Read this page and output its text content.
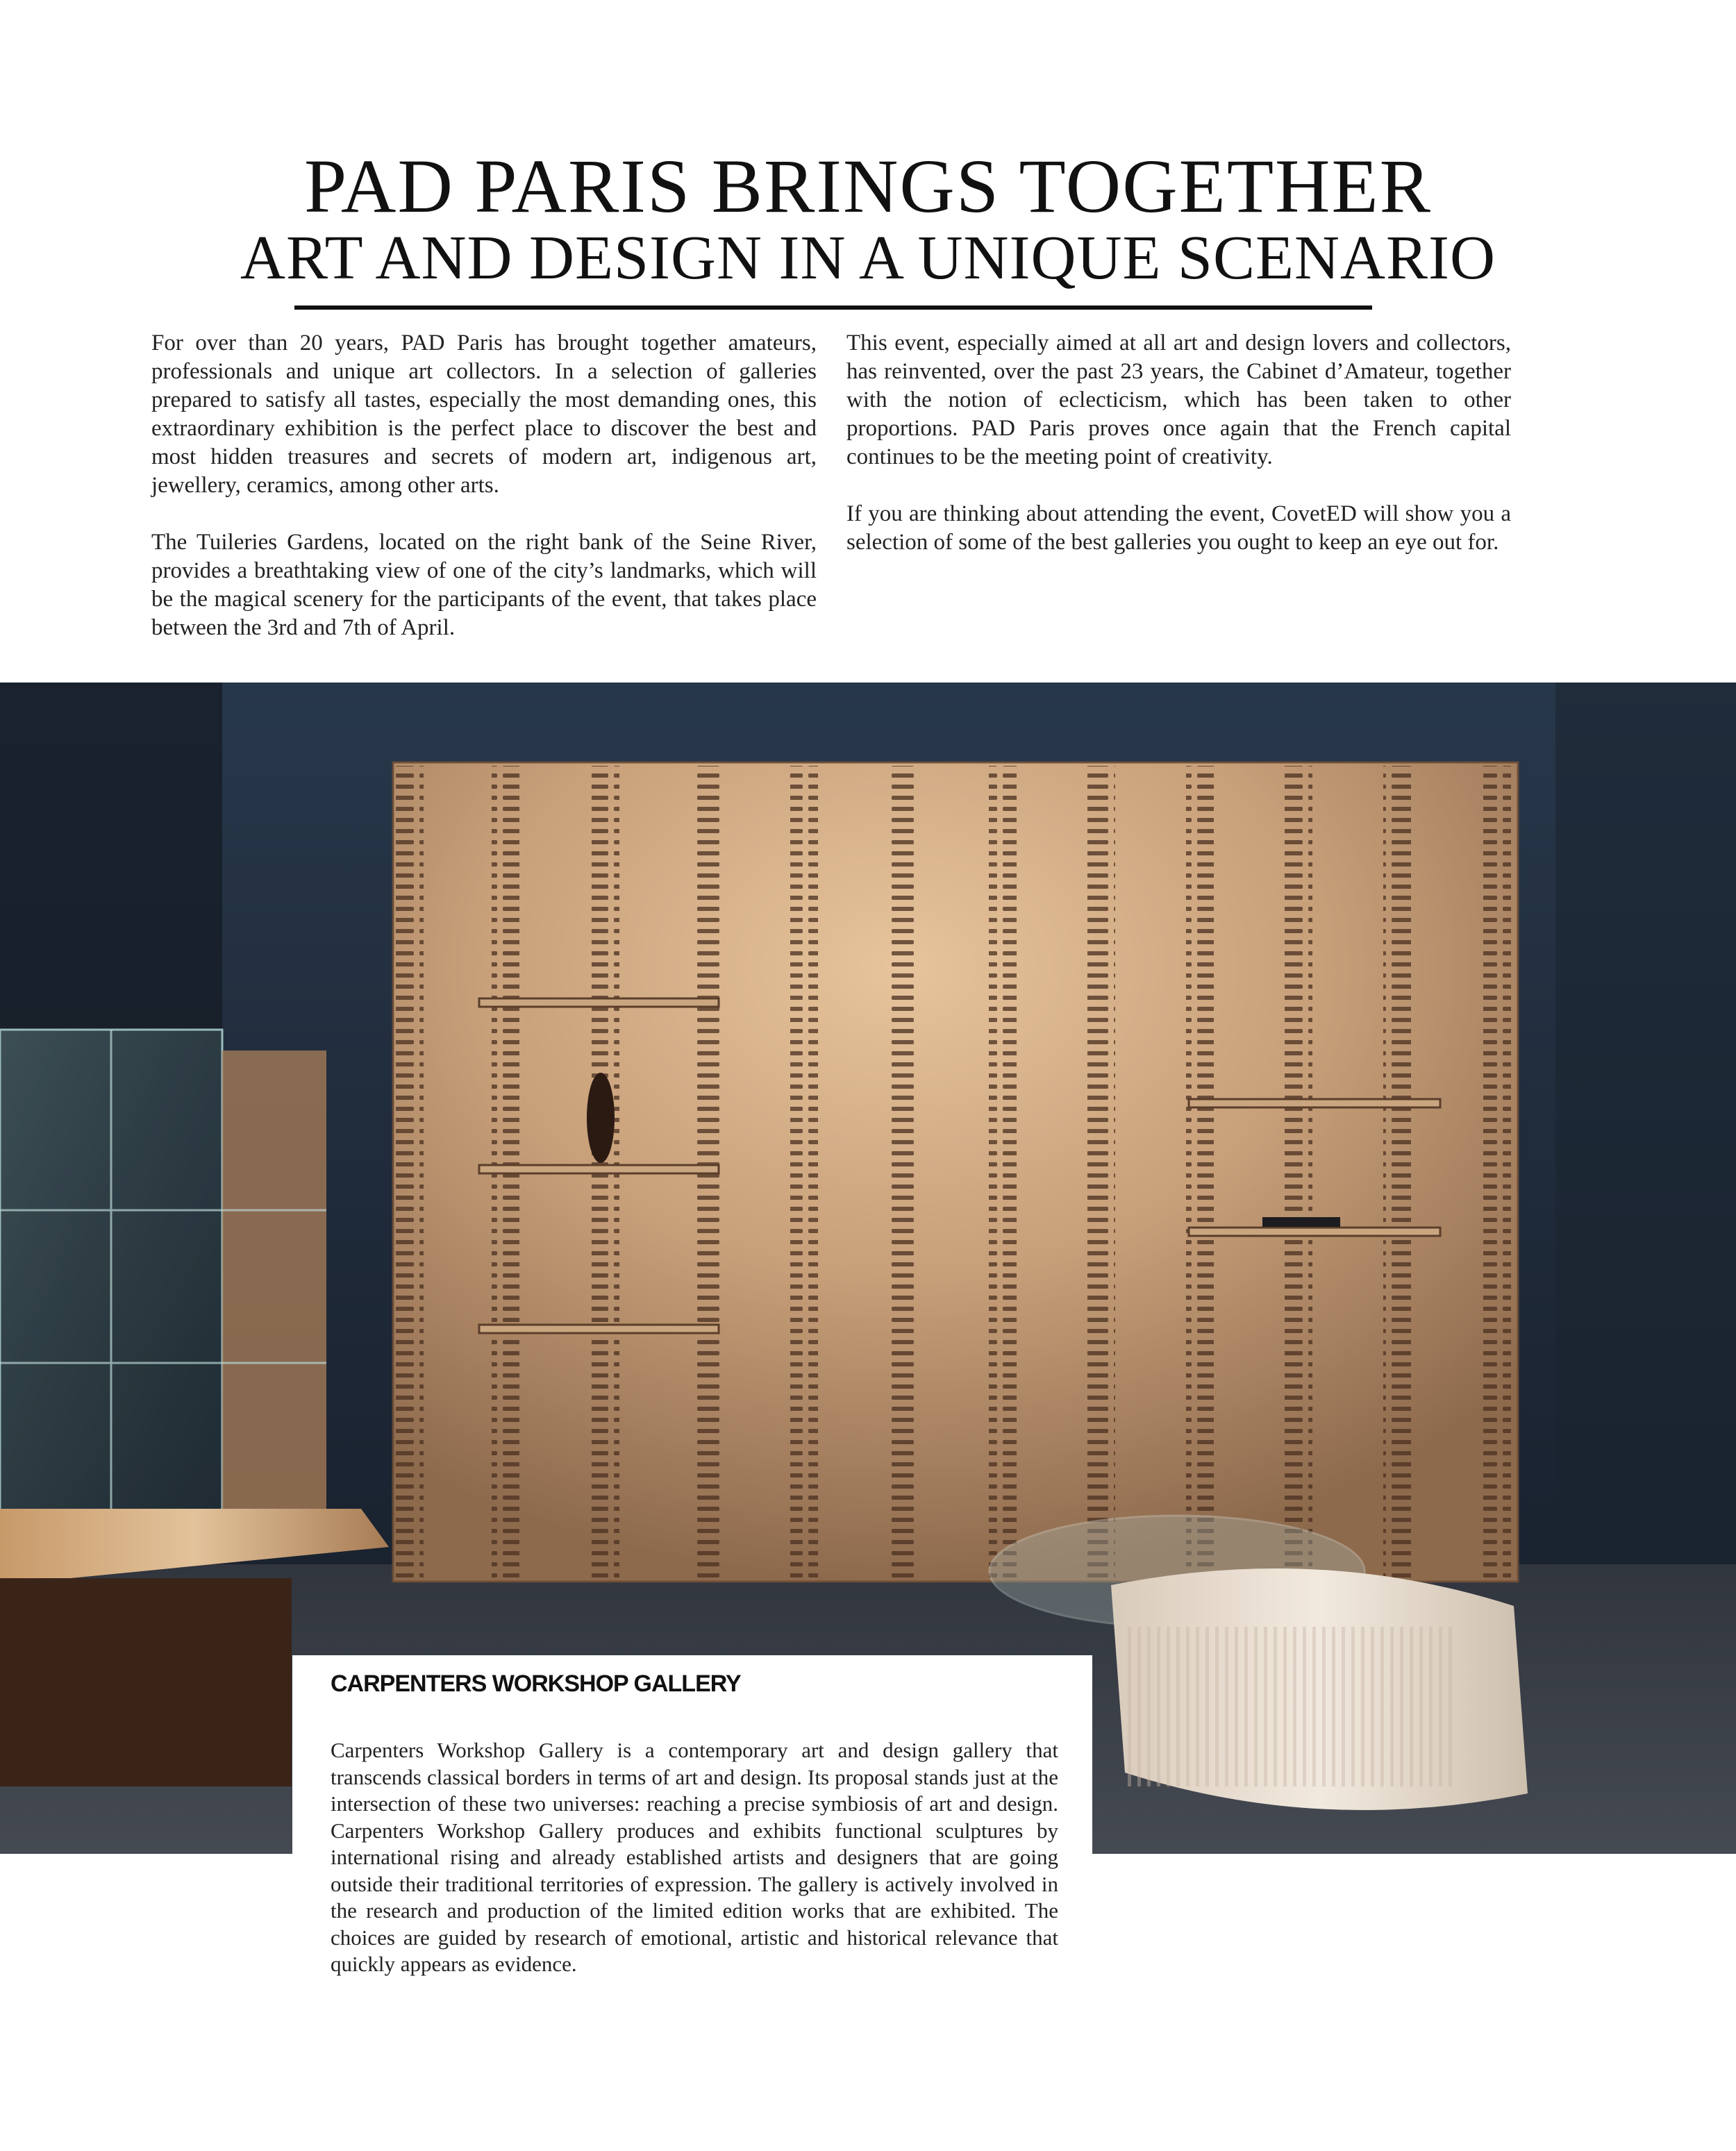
PAD PARIS BRINGS TOGETHER
ART AND DESIGN IN A UNIQUE SCENARIO

For over than 20 years, PAD Paris has brought together amateurs, professionals and unique art collectors. In a selection of galleries prepared to satisfy all tastes, especially the most demanding ones, this extraordinary exhibition is the perfect place to discover the best and most hidden treasures and secrets of modern art, indigenous art, jewellery, ceramics, among other arts.

The Tuileries Gardens, located on the right bank of the Seine River, provides a breathtaking view of one of the city’s landmarks, which will be the magical scenery for the participants of the event, that takes place between the 3rd and 7th of April.

This event, especially aimed at all art and design lovers and collectors, has reinvented, over the past 23 years, the Cabinet d’Amateur, together with the notion of eclecticism, which has been taken to other proportions. PAD Paris proves once again that the French capital continues to be the meeting point of creativity.

If you are thinking about attending the event, CovetED will show you a selection of some of the best galleries you ought to keep an eye out for.

CARPENTERS WORKSHOP GALLERY

Carpenters Workshop Gallery is a contemporary art and design gallery that transcends classical borders in terms of art and design. Its proposal stands just at the intersection of these two universes: reaching a precise symbiosis of art and design. Carpenters Workshop Gallery produces and exhibits functional sculptures by international rising and already established artists and designers that are going outside their traditional territories of expression. The gallery is actively involved in the research and production of the limited edition works that are exhibited. The choices are guided by research of emotional, artistic and historical relevance that quickly appears as evidence.
